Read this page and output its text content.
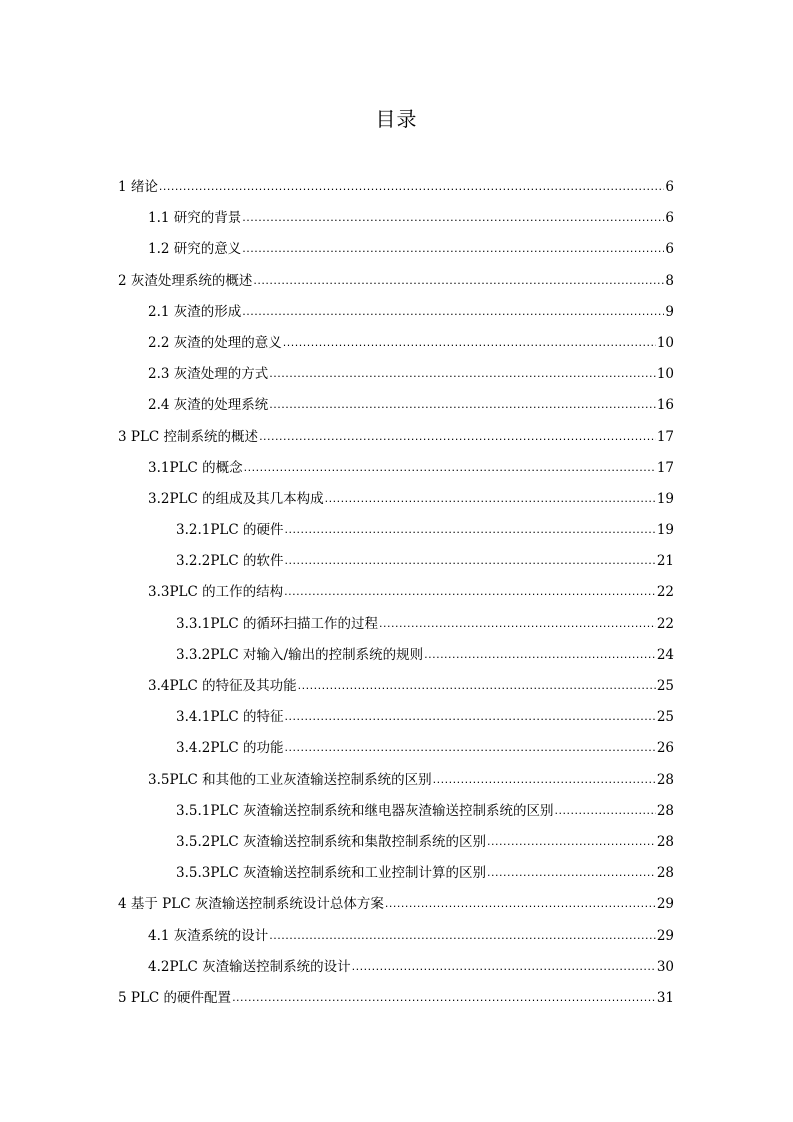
目录
1 绪论 .....	6
1.1 研究的背景 .....	6
1.2 研究的意义 .....	6
2 灰渣处理系统的概述 .....	8
2.1 灰渣的形成 .....	9
2.2 灰渣的处理的意义 .....	10
2.3 灰渣处理的方式 .....	10
2.4 灰渣的处理系统 .....	16
3 PLC 控制系统的概述 .....	17
3.1PLC 的概念 .....	17
3.2PLC 的组成及其几本构成 .....	19
3.2.1PLC 的硬件 .....	19
3.2.2PLC 的软件 .....	21
3.3PLC 的工作的结构 .....	22
3.3.1PLC 的循环扫描工作的过程 .....	22
3.3.2PLC 对输入/输出的控制系统的规则 .....	24
3.4PLC 的特征及其功能 .....	25
3.4.1PLC 的特征 .....	25
3.4.2PLC 的功能 .....	26
3.5PLC 和其他的工业灰渣输送控制系统的区别 .....	28
3.5.1PLC 灰渣输送控制系统和继电器灰渣输送控制系统的区别 .....	28
3.5.2PLC 灰渣输送控制系统和集散控制系统的区别 .....	28
3.5.3PLC 灰渣输送控制系统和工业控制计算的区别 .....	28
4 基于 PLC 灰渣输送控制系统设计总体方案 .....	29
4.1 灰渣系统的设计 .....	29
4.2PLC 灰渣输送控制系统的设计 .....	30
5 PLC 的硬件配置 .....	31
